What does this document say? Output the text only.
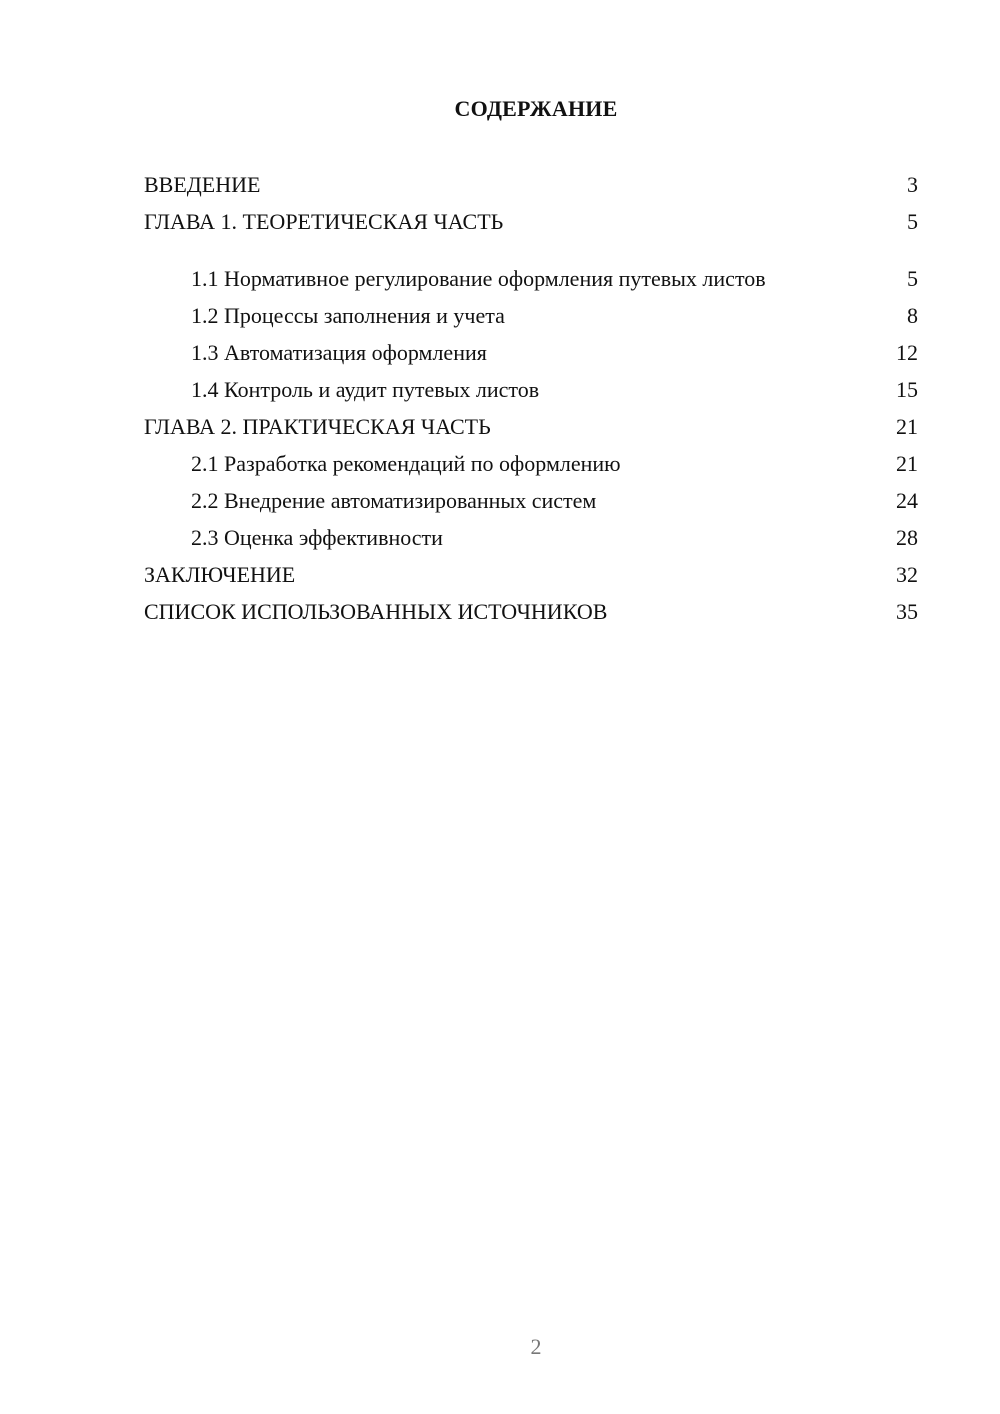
СОДЕРЖАНИЕ
ВВЕДЕНИЕ	3
ГЛАВА 1. ТЕОРЕТИЧЕСКАЯ ЧАСТЬ	5
1.1 Нормативное регулирование оформления путевых листов	5
1.2 Процессы заполнения и учета	8
1.3 Автоматизация оформления	12
1.4 Контроль и аудит путевых листов	15
ГЛАВА 2. ПРАКТИЧЕСКАЯ ЧАСТЬ	21
2.1 Разработка рекомендаций по оформлению	21
2.2 Внедрение автоматизированных систем	24
2.3 Оценка эффективности	28
ЗАКЛЮЧЕНИЕ	32
СПИСОК ИСПОЛЬЗОВАННЫХ ИСТОЧНИКОВ	35
2
